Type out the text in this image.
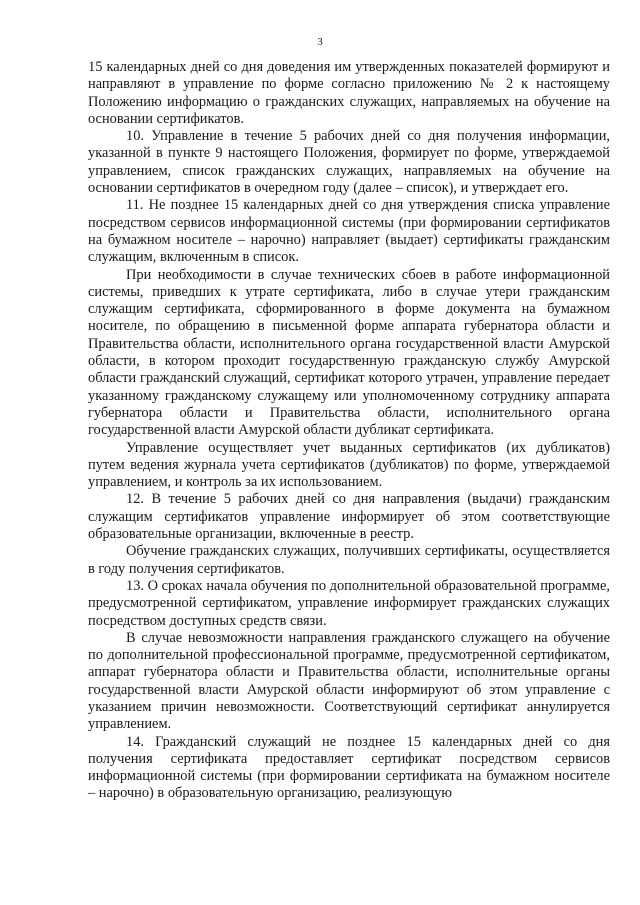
3

15 календарных дней со дня доведения им утвержденных показателей формируют и направляют в управление по форме согласно приложению № 2 к настоящему Положению информацию о гражданских служащих, направляемых на обучение на основании сертификатов.

10. Управление в течение 5 рабочих дней со дня получения информации, указанной в пункте 9 настоящего Положения, формирует по форме, утверждаемой управлением, список гражданских служащих, направляемых на обучение на основании сертификатов в очередном году (далее – список), и утверждает его.

11. Не позднее 15 календарных дней со дня утверждения списка управление посредством сервисов информационной системы (при формировании сертификатов на бумажном носителе – нарочно) направляет (выдает) сертификаты гражданским служащим, включенным в список.

При необходимости в случае технических сбоев в работе информационной системы, приведших к утрате сертификата, либо в случае утери гражданским служащим сертификата, сформированного в форме документа на бумажном носителе, по обращению в письменной форме аппарата губернатора области и Правительства области, исполнительного органа государственной власти Амурской области, в котором проходит государственную гражданскую службу Амурской области гражданский служащий, сертификат которого утрачен, управление передает указанному гражданскому служащему или уполномоченному сотруднику аппарата губернатора области и Правительства области, исполнительного органа государственной власти Амурской области дубликат сертификата.

Управление осуществляет учет выданных сертификатов (их дубликатов) путем ведения журнала учета сертификатов (дубликатов) по форме, утверждаемой управлением, и контроль за их использованием.

12. В течение 5 рабочих дней со дня направления (выдачи) гражданским служащим сертификатов управление информирует об этом соответствующие образовательные организации, включенные в реестр.

Обучение гражданских служащих, получивших сертификаты, осуществляется в году получения сертификатов.

13. О сроках начала обучения по дополнительной образовательной программе, предусмотренной сертификатом, управление информирует гражданских служащих посредством доступных средств связи.

В случае невозможности направления гражданского служащего на обучение по дополнительной профессиональной программе, предусмотренной сертификатом, аппарат губернатора области и Правительства области, исполнительные органы государственной власти Амурской области информируют об этом управление с указанием причин невозможности. Соответствующий сертификат аннулируется управлением.

14. Гражданский служащий не позднее 15 календарных дней со дня получения сертификата предоставляет сертификат посредством сервисов информационной системы (при формировании сертификата на бумажном носителе – нарочно) в образовательную организацию, реализующую
